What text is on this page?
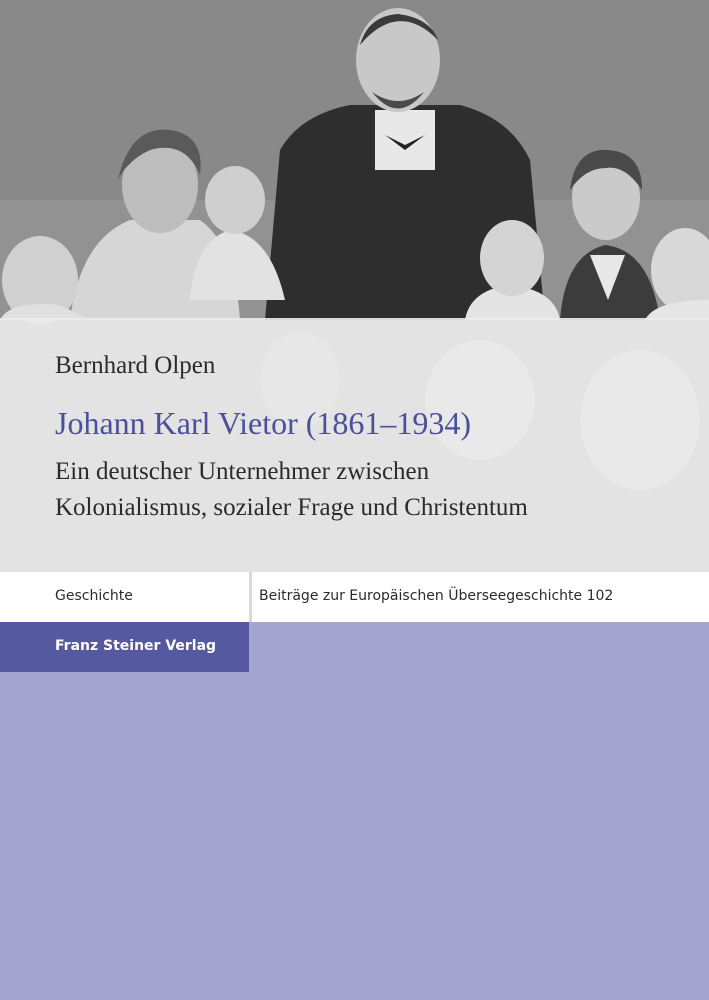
Bernhard Olpen
Johann Karl Vietor (1861–1934)
Ein deutscher Unternehmer zwischen
Kolonialismus, sozialer Frage und Christentum
Geschichte	Beiträge zur Europäischen Überseegeschichte 102
Franz Steiner Verlag
